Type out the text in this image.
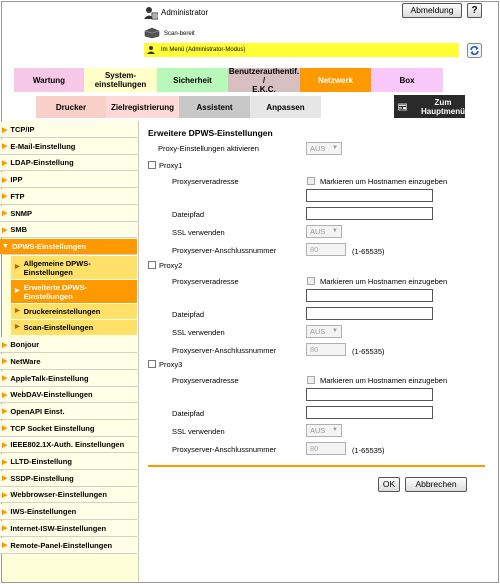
Administrator	Abmeldung	?
Scan-bereit
Im Menü (Administrator-Modus)
Wartung	System-
einstellungen	Sicherheit
Benutzerauthentif. /
E.K.C.
Netzwerk	Box
Drucker	Zielregistrierung	Assistent	Anpassen
Zum
Hauptmenü
▶ TCP/IP
▶ E-Mail-Einstellung
▶ LDAP-Einstellung
▶ IPP
▶ FTP
▶ SNMP
▶ SMB
▼ DPWS-Einstellungen
▶ Allgemeine DPWS-
Einstellungen
▶ Erweiterte DPWS-
Einstellungen
▶ Druckereinstellungen
▶ Scan-Einstellungen
▶ Bonjour
▶ NetWare
▶ AppleTalk-Einstellung
▶ WebDAV-Einstellungen
▶ OpenAPI Einst.
▶ TCP Socket Einstellung
▶ IEEE802.1X-Auth. Einstellungen
▶ LLTD-Einstellung
▶ SSDP-Einstellung
▶ Webbrowser-Einstellungen
▶ IWS-Einstellungen
▶ Internet-ISW-Einstellungen
▶ Remote-Panel-Einstellungen
Erweitere DPWS-Einstellungen
Proxy-Einstellungen aktivieren	AUS ▼
Proxy1
Proxyserveradresse	Markieren um Hostnamen einzugeben
Dateipfad
SSL verwenden	AUS ▼
Proxyserver-Anschlussnummer	80	(1-65535)
Proxy2
Proxyserveradresse	Markieren um Hostnamen einzugeben
Dateipfad
SSL verwenden	AUS ▼
Proxyserver-Anschlussnummer	80	(1-65535)
Proxy3
Proxyserveradresse	Markieren um Hostnamen einzugeben
Dateipfad
SSL verwenden	AUS ▼
Proxyserver-Anschlussnummer	80	(1-65535)
OK	Abbrechen
